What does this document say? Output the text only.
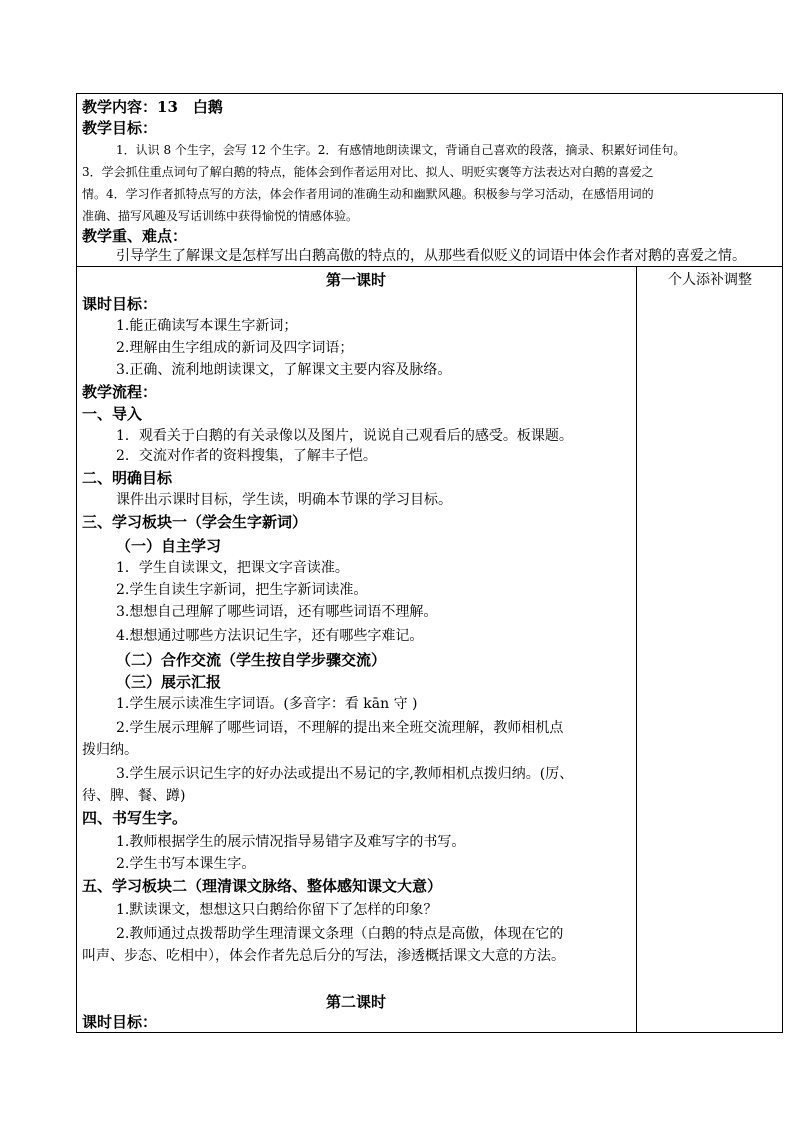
教学内容：13　白鹅
教学目标：
1．认识 8 个生字，会写 12 个生字。2．有感情地朗读课文，背诵自己喜欢的段落，摘录、积累好词佳句。
3．学会抓住重点词句了解白鹅的特点，能体会到作者运用对比、拟人、明贬实褒等方法表达对白鹅的喜爱之
情。4．学习作者抓特点写的方法，体会作者用词的准确生动和幽默风趣。积极参与学习活动，在感悟用词的
准确、描写风趣及写话训练中获得愉悦的情感体验。
教学重、难点：
引导学生了解课文是怎样写出白鹅高傲的特点的，从那些看似贬义的词语中体会作者对鹅的喜爱之情。
个人添补调整
第一课时
课时目标：
1.能正确读写本课生字新词；
2.理解由生字组成的新词及四字词语；
3.正确、流利地朗读课文，了解课文主要内容及脉络。
教学流程：
一、导入
1．观看关于白鹅的有关录像以及图片，说说自己观看后的感受。板课题。
2．交流对作者的资料搜集，了解丰子恺。
二、明确目标
课件出示课时目标，学生读，明确本节课的学习目标。
三、学习板块一（学会生字新词）
（一）自主学习
1．学生自读课文，把课文字音读准。
2.学生自读生字新词，把生字新词读准。
3.想想自己理解了哪些词语，还有哪些词语不理解。
4.想想通过哪些方法识记生字，还有哪些字难记。
（二）合作交流（学生按自学步骤交流）
（三）展示汇报
1.学生展示读准生字词语。(多音字：看 kān 守 )
2.学生展示理解了哪些词语，不理解的提出来全班交流理解，教师相机点
拨归纳。
3.学生展示识记生字的好办法或提出不易记的字,教师相机点拨归纳。(厉、
待、脾、餐、蹲)
四、书写生字。
1.教师根据学生的展示情况指导易错字及难写字的书写。
2.学生书写本课生字。
五、学习板块二（理清课文脉络、整体感知课文大意）
1.默读课文，想想这只白鹅给你留下了怎样的印象？
2.教师通过点拨帮助学生理清课文条理（白鹅的特点是高傲，体现在它的
叫声、步态、吃相中），体会作者先总后分的写法，渗透概括课文大意的方法。
第二课时
课时目标：
